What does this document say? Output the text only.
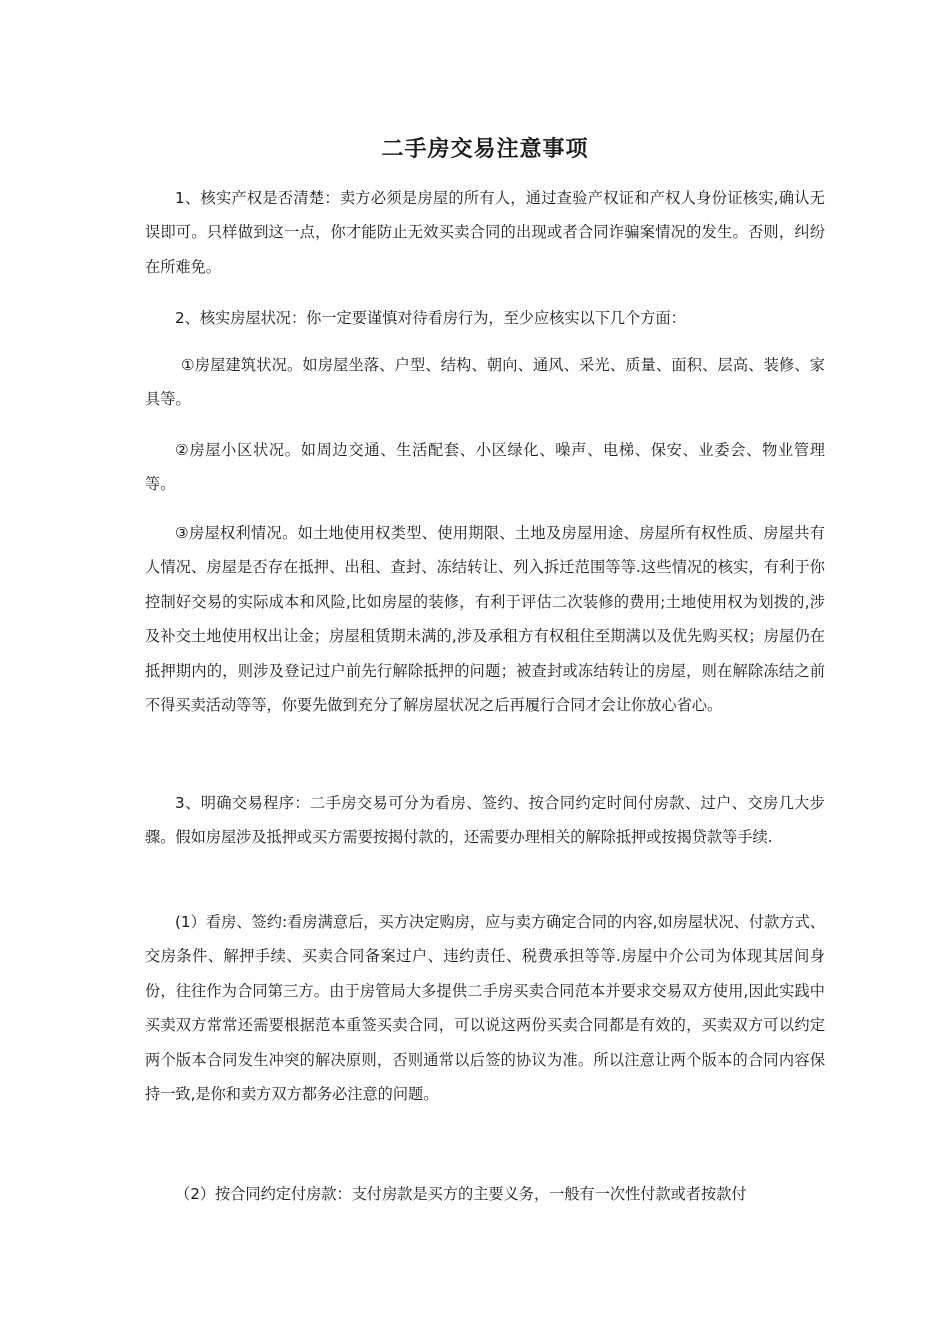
二手房交易注意事项
1、核实产权是否清楚：卖方必须是房屋的所有人，通过查验产权证和产权人身份证核实,确认无误即可。只样做到这一点，你才能防止无效买卖合同的出现或者合同诈骗案情况的发生。否则，纠纷在所难免。
2、核实房屋状况：你一定要谨慎对待看房行为，至少应核实以下几个方面：
①房屋建筑状况。如房屋坐落、户型、结构、朝向、通风、采光、质量、面积、层高、装修、家具等。
②房屋小区状况。如周边交通、生活配套、小区绿化、噪声、电梯、保安、业委会、物业管理等。
③房屋权利情况。如土地使用权类型、使用期限、土地及房屋用途、房屋所有权性质、房屋共有人情况、房屋是否存在抵押、出租、查封、冻结转让、列入拆迁范围等等.这些情况的核实，有利于你控制好交易的实际成本和风险,比如房屋的装修，有利于评估二次装修的费用;土地使用权为划拨的,涉及补交土地使用权出让金；房屋租赁期未满的,涉及承租方有权租住至期满以及优先购买权；房屋仍在抵押期内的，则涉及登记过户前先行解除抵押的问题；被查封或冻结转让的房屋，则在解除冻结之前不得买卖活动等等，你要先做到充分了解房屋状况之后再履行合同才会让你放心省心。
3、明确交易程序：二手房交易可分为看房、签约、按合同约定时间付房款、过户、交房几大步骤。假如房屋涉及抵押或买方需要按揭付款的，还需要办理相关的解除抵押或按揭贷款等手续.
(1）看房、签约:看房满意后，买方决定购房，应与卖方确定合同的内容,如房屋状况、付款方式、交房条件、解押手续、买卖合同备案过户、违约责任、税费承担等等.房屋中介公司为体现其居间身份，往往作为合同第三方。由于房管局大多提供二手房买卖合同范本并要求交易双方使用,因此实践中买卖双方常常还需要根据范本重签买卖合同，可以说这两份买卖合同都是有效的，买卖双方可以约定两个版本合同发生冲突的解决原则，否则通常以后签的协议为准。所以注意让两个版本的合同内容保持一致,是你和卖方双方都务必注意的问题。
（2）按合同约定付房款：支付房款是买方的主要义务，一般有一次性付款或者按款付
